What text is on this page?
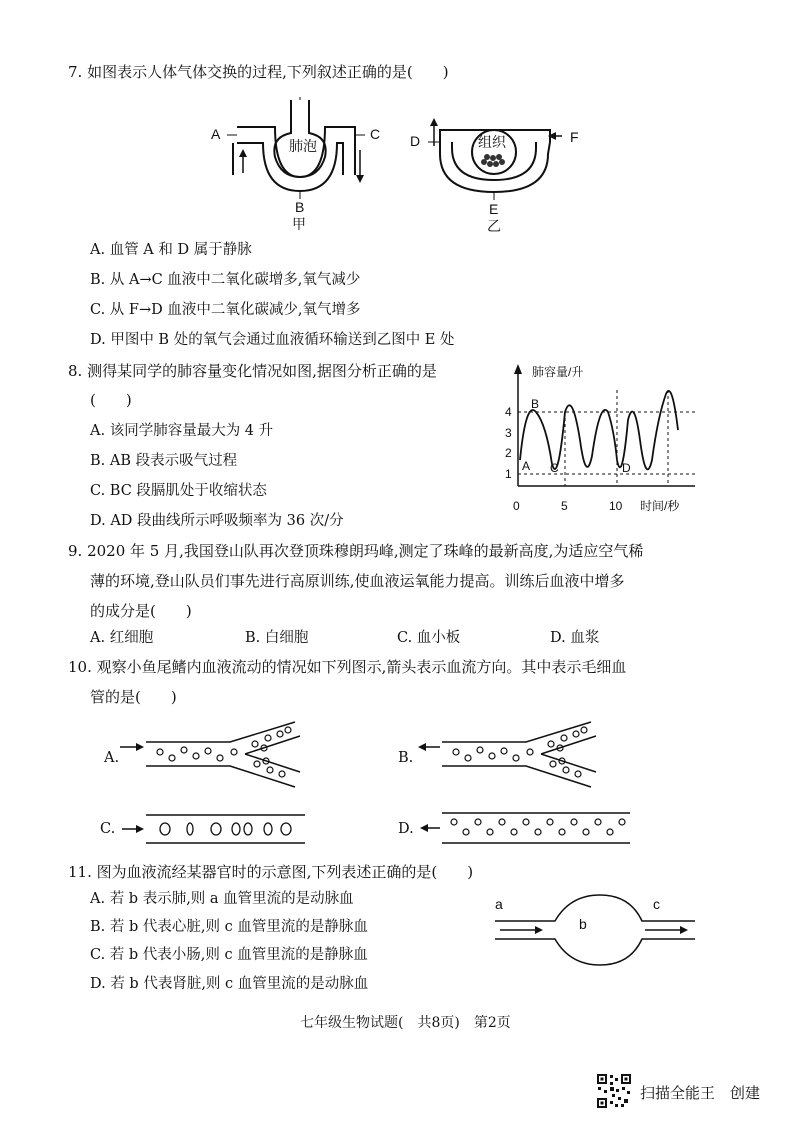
7. 如图表示人体气体交换的过程,下列叙述正确的是(　　)
肺泡
A	C
B
甲
组织
D	F
E
乙
A. 血管 A 和 D 属于静脉
B. 从 A→C 血液中二氧化碳增多,氧气减少
C. 从 F→D 血液中二氧化碳减少,氧气增多
D. 甲图中 B 处的氧气会通过血液循环输送到乙图中 E 处
8. 测得某同学的肺容量变化情况如图,据图分析正确的是
(　　)
A. 该同学肺容量最大为 4 升
B. AB 段表示吸气过程
C. BC 段膈肌处于收缩状态
D. AD 段曲线所示呼吸频率为 36 次/分
肺容量/升
4
3
2
1
0	5	10 时间/秒
B
A C	D
9. 2020 年 5 月,我国登山队再次登顶珠穆朗玛峰,测定了珠峰的最新高度,为适应空气稀
薄的环境,登山队员们事先进行高原训练,使血液运氧能力提高。训练后血液中增多
的成分是(　　)
A. 红细胞	B. 白细胞	C. 血小板	D. 血浆
10. 观察小鱼尾鳍内血液流动的情况如下列图示,箭头表示血流方向。其中表示毛细血
管的是(　　)
A.	B.
C.	D.
11. 图为血液流经某器官时的示意图,下列表述正确的是(　　)
A. 若 b 表示肺,则 a 血管里流的是动脉血
B. 若 b 代表心脏,则 c 血管里流的是静脉血
C. 若 b 代表小肠,则 c 血管里流的是静脉血
D. 若 b 代表肾脏,则 c 血管里流的是动脉血
a
b
c
七年级生物试题(　共8页)　第2页
扫描全能王　创建
